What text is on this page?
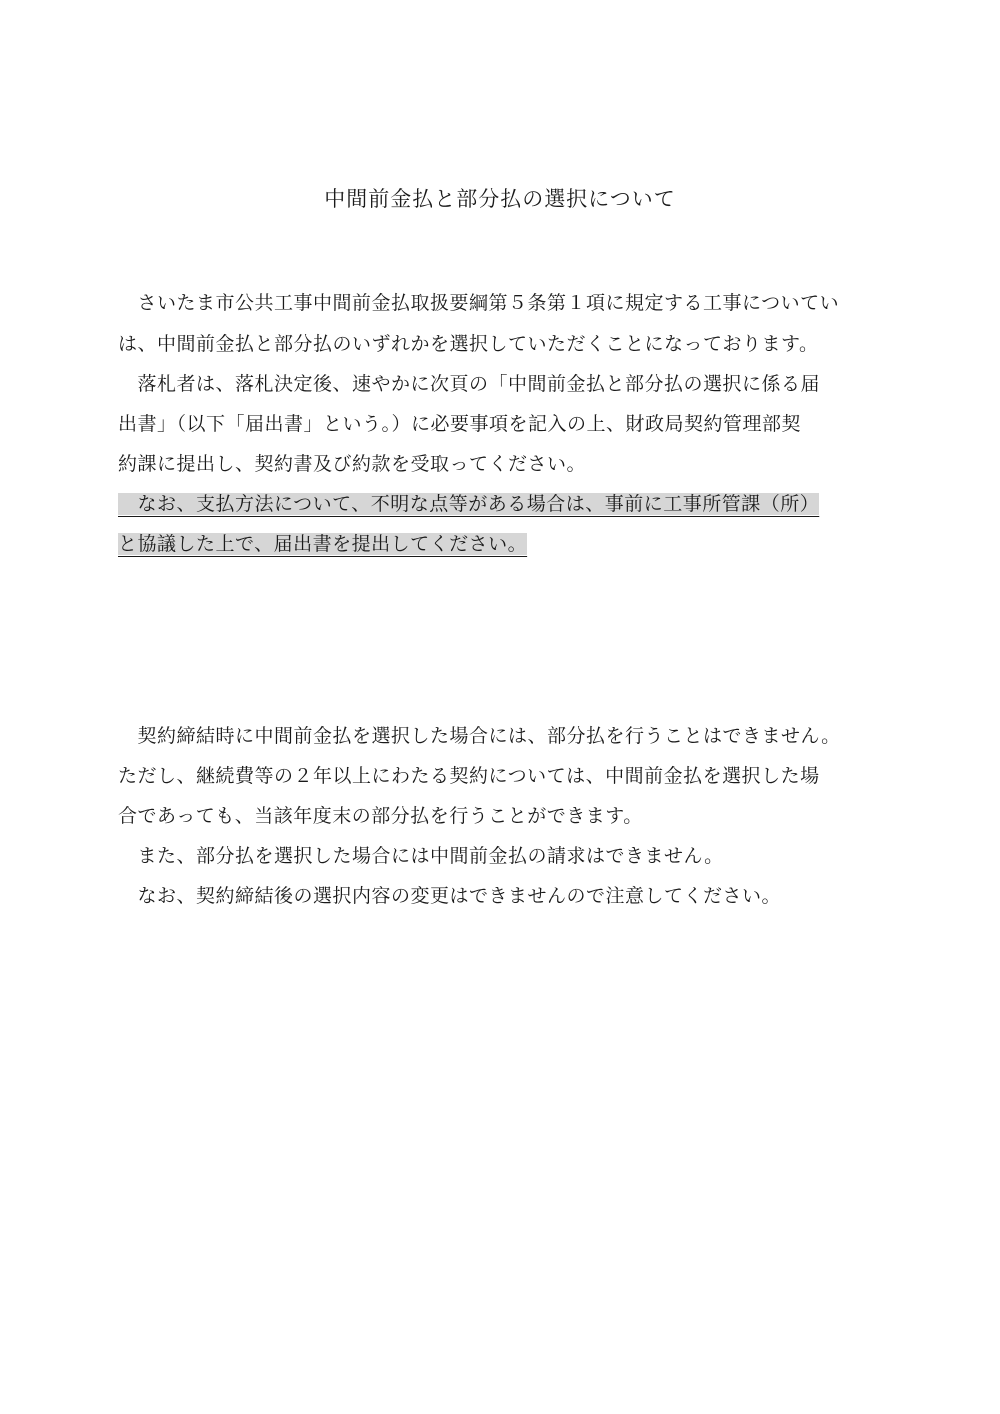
中間前金払と部分払の選択について
　さいたま市公共工事中間前金払取扱要綱第５条第１項に規定する工事についてい
は、中間前金払と部分払のいずれかを選択していただくことになっております。
　落札者は、落札決定後、速やかに次頁の「中間前金払と部分払の選択に係る届
出書」（以下「届出書」という。）に必要事項を記入の上、財政局契約管理部契
約課に提出し、契約書及び約款を受取ってください。
　なお、支払方法について、不明な点等がある場合は、事前に工事所管課（所）
と協議した上で、届出書を提出してください。
　契約締結時に中間前金払を選択した場合には、部分払を行うことはできません。
ただし、継続費等の２年以上にわたる契約については、中間前金払を選択した場
合であっても、当該年度末の部分払を行うことができます。
　また、部分払を選択した場合には中間前金払の請求はできません。
　なお、契約締結後の選択内容の変更はできませんので注意してください。
